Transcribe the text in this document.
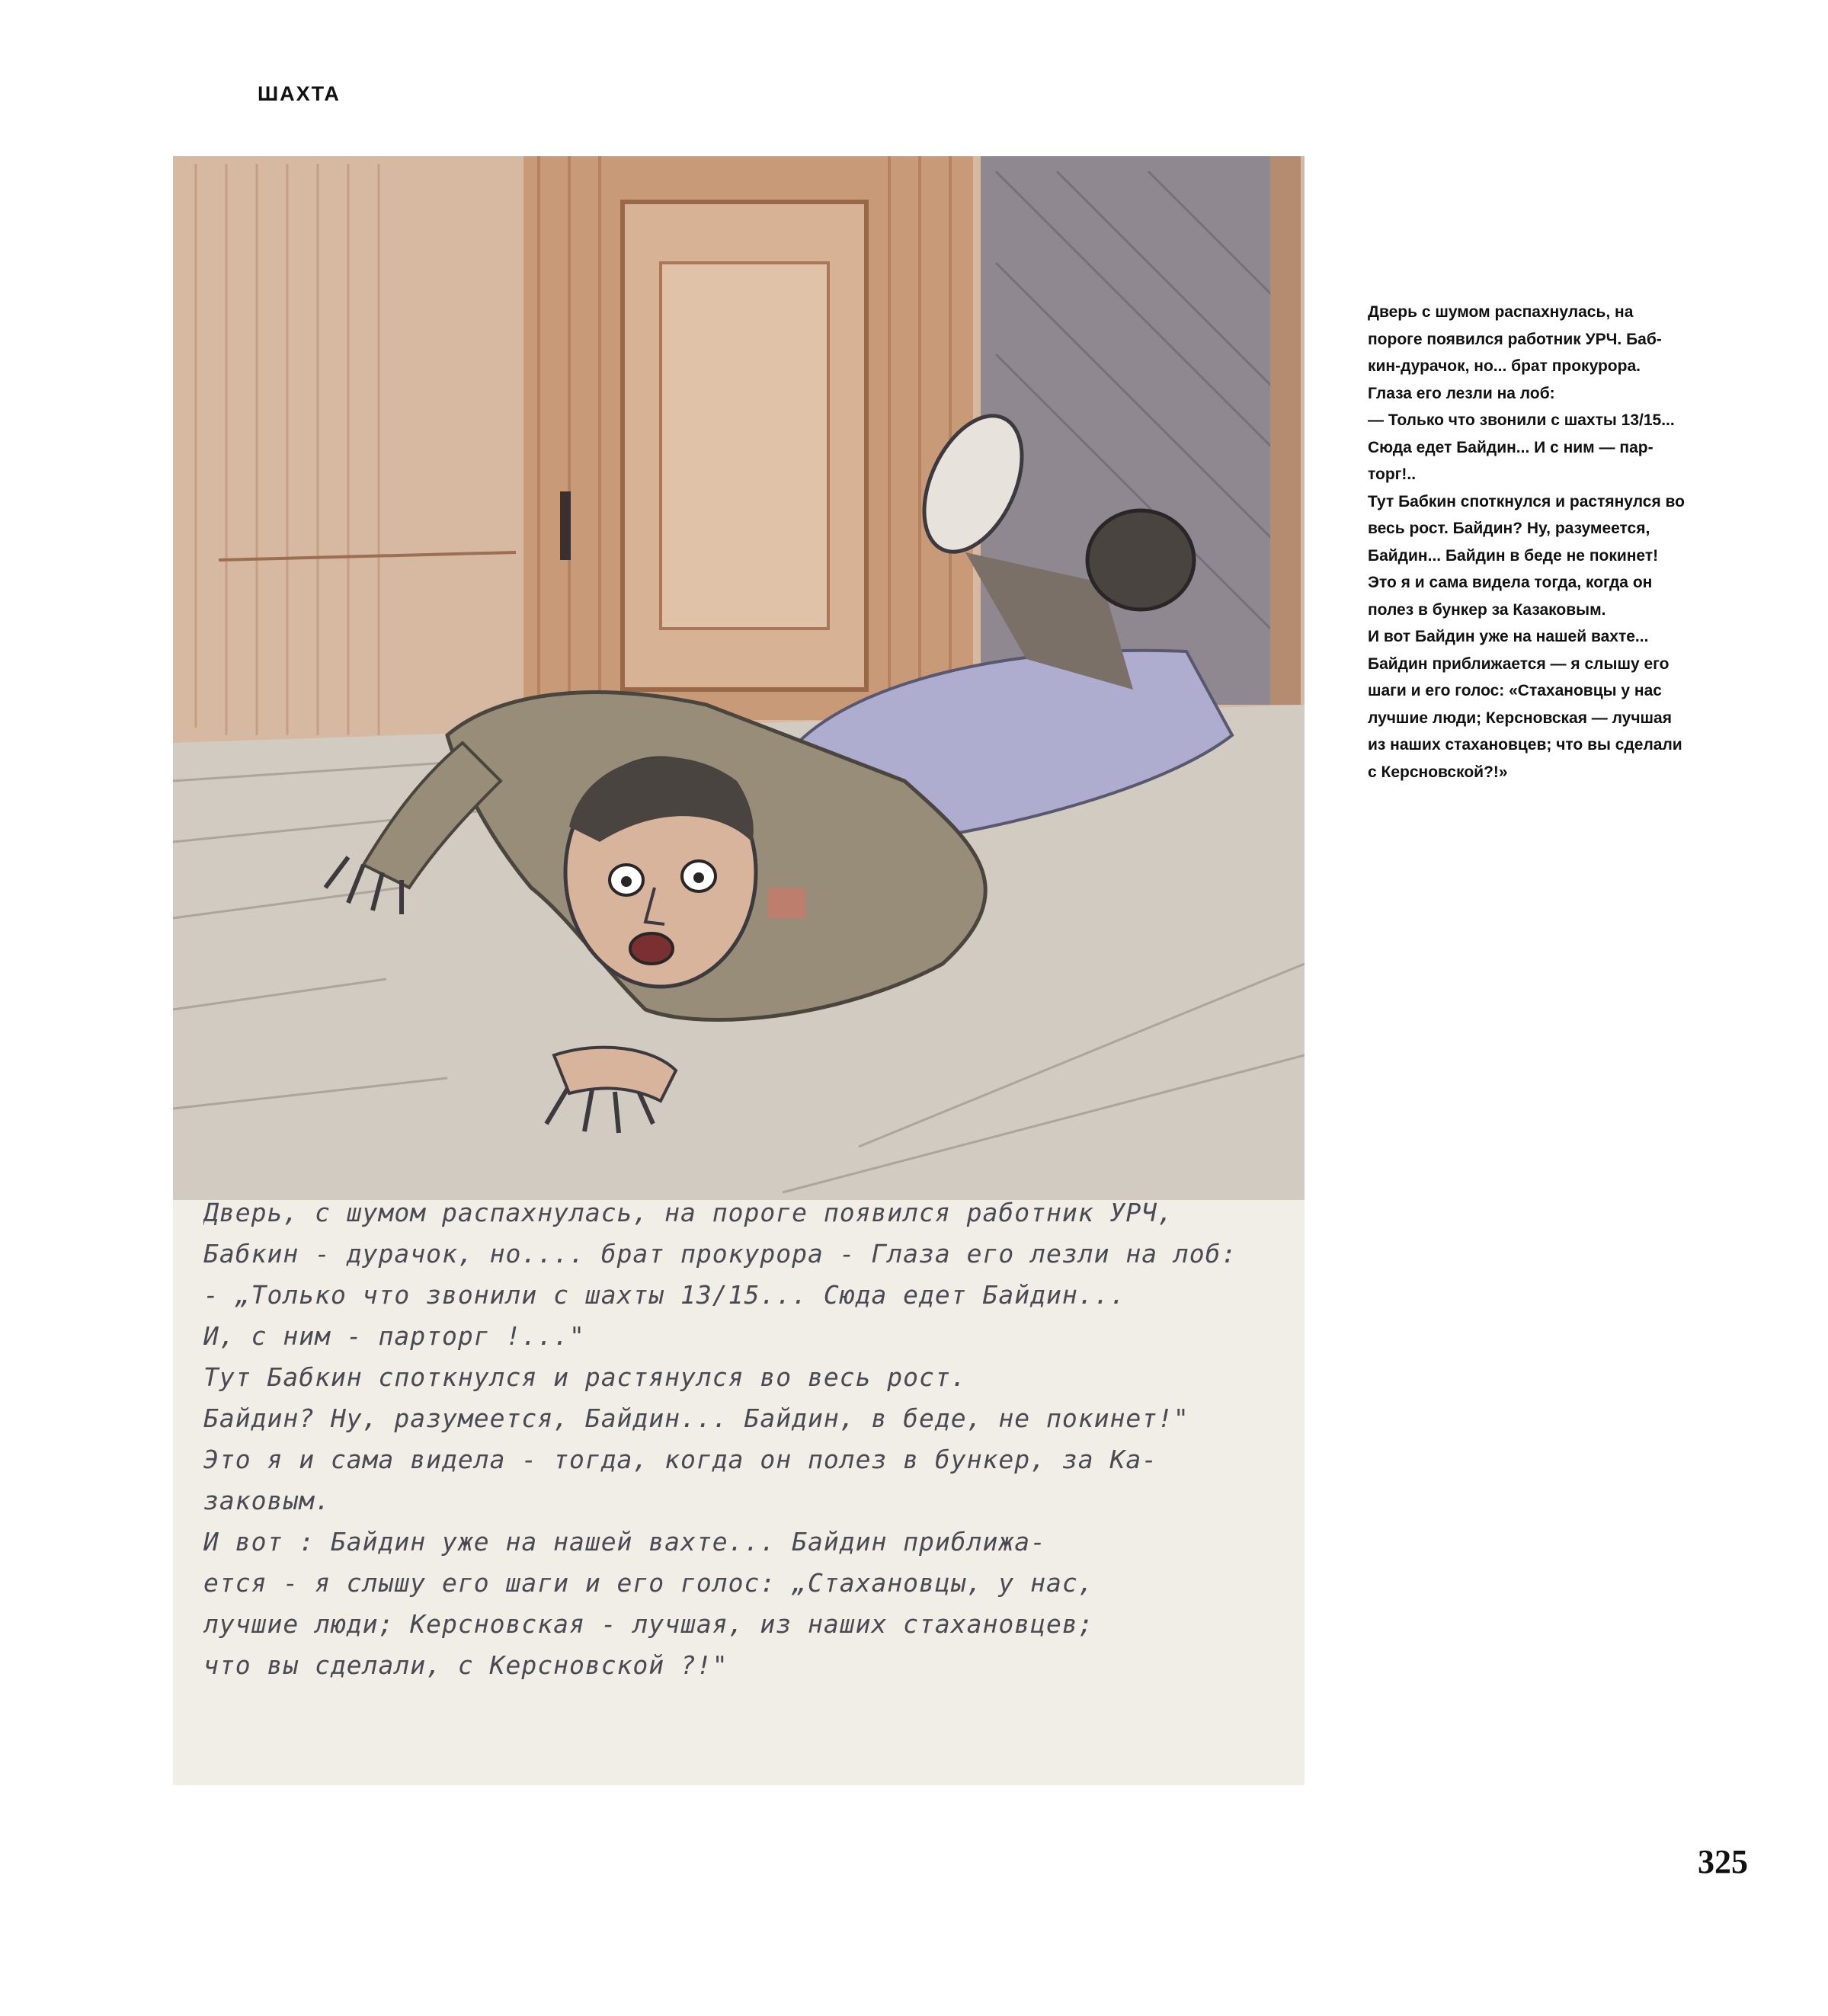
ШАХТА
Дверь, с шумом распахнулась, на пороге появился работник УРЧ,
Бабкин - дурачок, но.... брат прокурора - Глаза его лезли на лоб:
- „Только что звонили с шахты 13/15... Сюда едет Байдин...
И, с ним - парторг !..."
Тут Бабкин споткнулся и растянулся во весь рост.
Байдин? Ну, разумеется, Байдин... Байдин, в беде, не покинет!"
Это я и сама видела - тогда, когда он полез в бункер, за Ка-
заковым.
И вот : Байдин уже на нашей вахте... Байдин приближа-
ется - я слышу его шаги и его голос: „Стахановцы, у нас,
лучшие люди; Керсновская - лучшая, из наших стахановцев;
что вы сделали, с Керсновской ?!"
Дверь с шумом распахнулась, на
пороге появился работник УРЧ. Баб-
кин-дурачок, но... брат прокурора.
Глаза его лезли на лоб:
— Только что звонили с шахты 13/15...
Сюда едет Байдин... И с ним — пар-
торг!..
Тут Бабкин споткнулся и растянулся во
весь рост. Байдин? Ну, разумеется,
Байдин... Байдин в беде не покинет!
Это я и сама видела тогда, когда он
полез в бункер за Казаковым.
И вот Байдин уже на нашей вахте...
Байдин приближается — я слышу его
шаги и его голос: «Стахановцы у нас
лучшие люди; Керсновская — лучшая
из наших стахановцев; что вы сделали
с Керсновской?!»
325
